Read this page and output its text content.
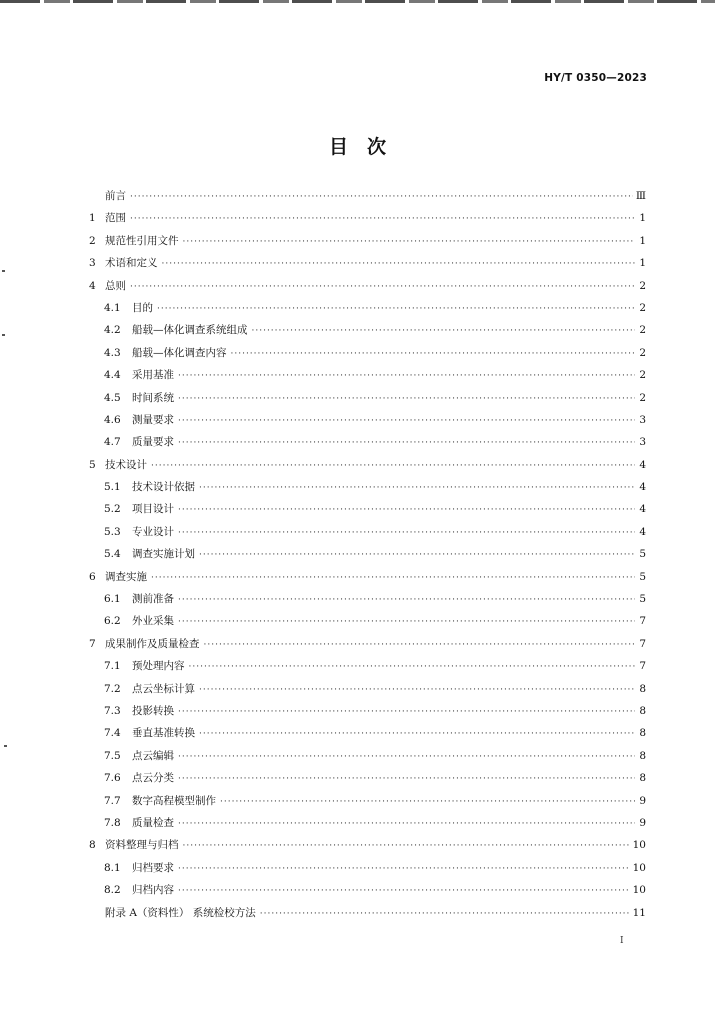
HY/T 0350—2023
目　次
前言 ·····	Ⅲ
1 范围 ·····	1
2 规范性引用文件 ·····	1
3 术语和定义 ·····	1
4 总则 ·····	2
4.1	目的 ·····	2
4.2	船载—体化调查系统组成 ·····	2
4.3	船载—体化调查内容 ·····	2
4.4	采用基准 ·····	2
4.5	时间系统 ·····	2
4.6	测量要求 ·····	3
4.7	质量要求 ·····	3
5 技术设计 ·····	4
5.1	技术设计依据 ·····	4
5.2	项目设计 ·····	4
5.3	专业设计 ·····	4
5.4	调查实施计划 ·····	5
6 调查实施 ·····	5
6.1	测前准备 ·····	5
6.2	外业采集 ·····	7
7 成果制作及质量检查 ·····	7
7.1	预处理内容 ·····	7
7.2	点云坐标计算 ·····	8
7.3	投影转换 ·····	8
7.4	垂直基准转换 ·····	8
7.5	点云编辑 ·····	8
7.6	点云分类 ·····	8
7.7	数字高程模型制作 ·····	9
7.8	质量检查 ·····	9
8 资料整理与归档 ·····	10
8.1	归档要求 ·····	10
8.2	归档内容 ·····	10
附录 A（资料性） 系统检校方法 ·····	11
Ⅰ
